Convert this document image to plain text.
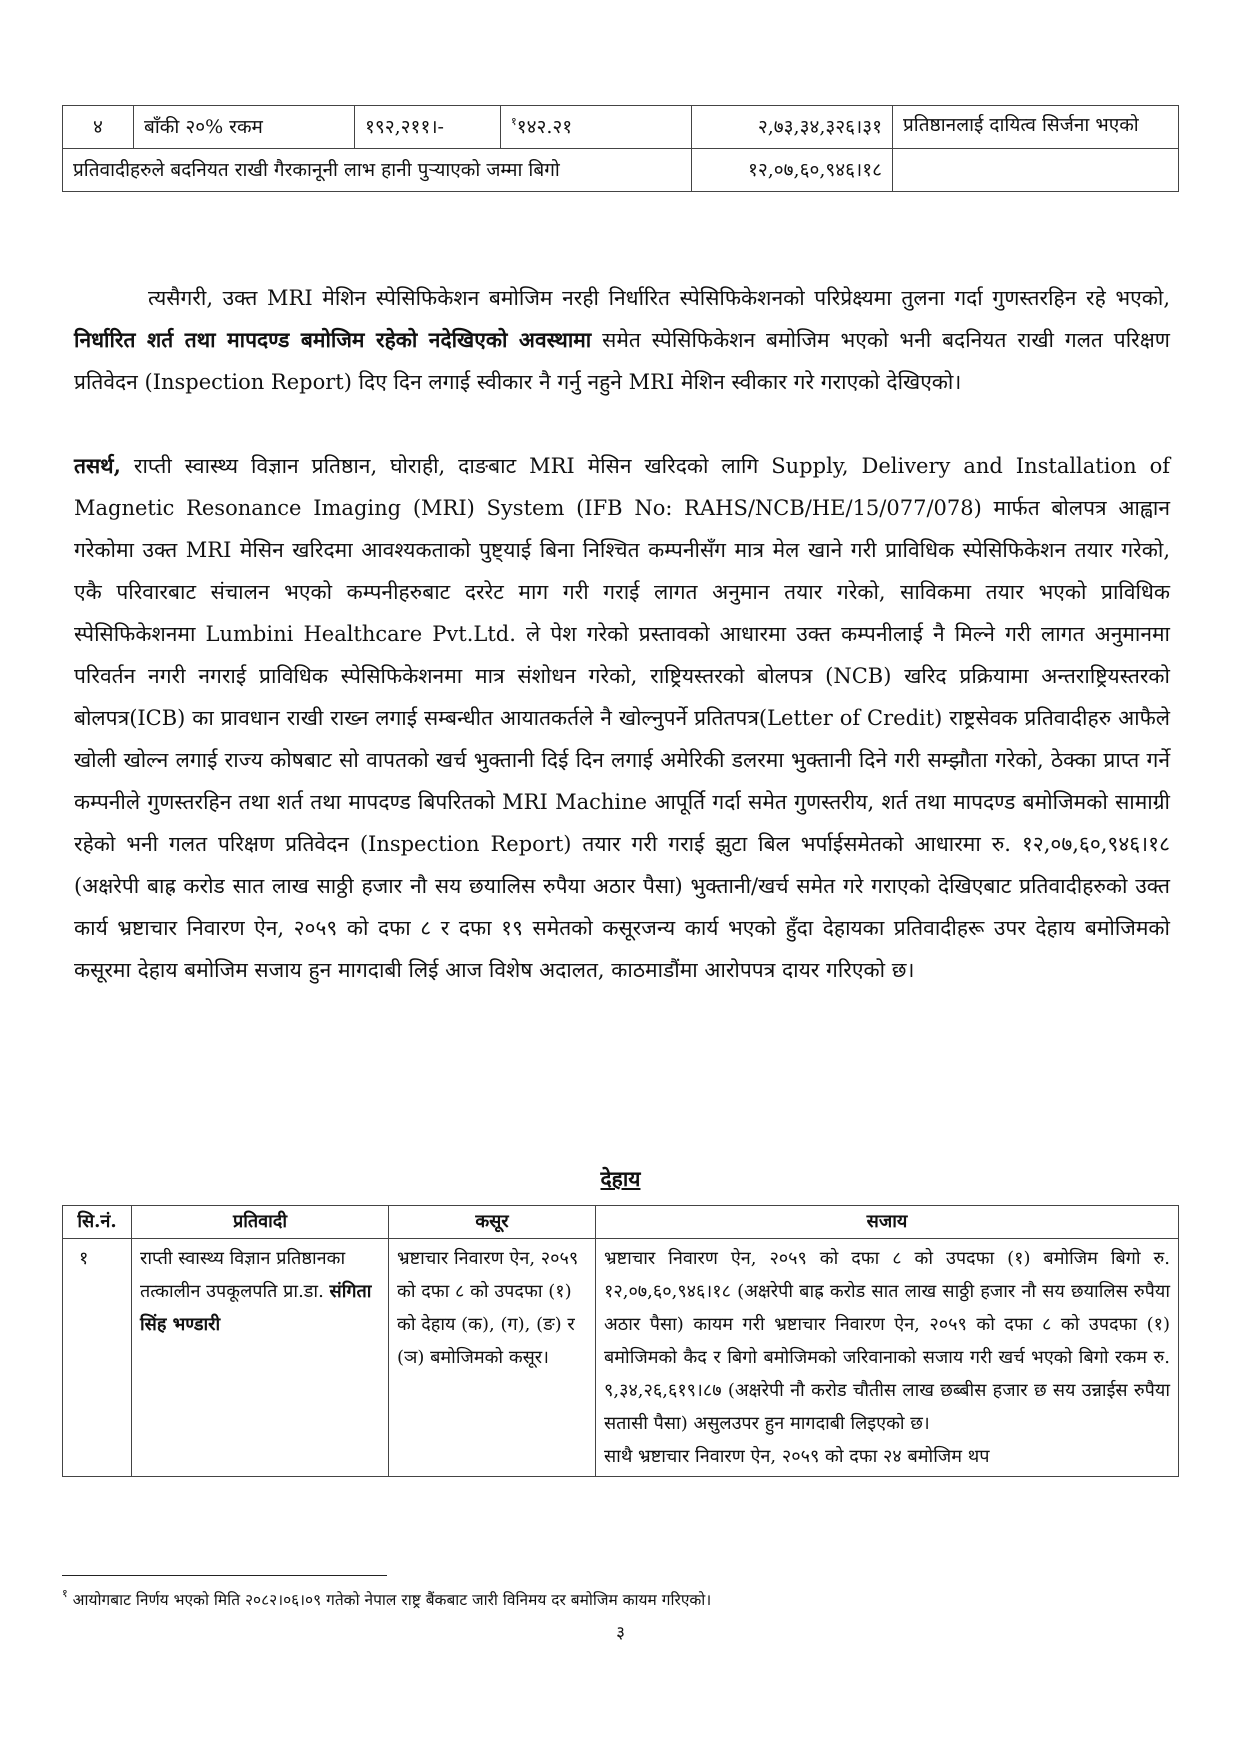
४	बाँकी २०% रकम	१९२,२११।-	$^१$१४२.२१	२,७३,३४,३२६।३१	प्रतिष्ठानलाई दायित्व सिर्जना भएको
प्रतिवादीहरुले बदनियत राखी गैरकानूनी लाभ हानी पुऱ्याएको जम्मा बिगो				१२,०७,६०,९४६।१८	

त्यसैगरी, उक्त MRI मेशिन स्पेसिफिकेशन बमोजिम नरही निर्धारित स्पेसिफिकेशनको परिप्रेक्ष्यमा तुलना गर्दा गुणस्तरहिन रहे भएको, निर्धारित शर्त तथा मापदण्ड बमोजिम रहेको नदेखिएको अवस्थामा समेत स्पेसिफिकेशन बमोजिम भएको भनी बदनियत राखी गलत परिक्षण प्रतिवेदन (Inspection Report) दिए दिन लगाई स्वीकार नै गर्नु नहुने MRI मेशिन स्वीकार गरे गराएको देखिएको।

तसर्थ, राप्ती स्वास्थ्य विज्ञान प्रतिष्ठान, घोराही, दाङबाट MRI मेसिन खरिदको लागि Supply, Delivery and Installation of Magnetic Resonance Imaging (MRI) System (IFB No: RAHS/NCB/HE/15/077/078) मार्फत बोलपत्र आह्वान गरेकोमा उक्त MRI मेसिन खरिदमा आवश्यकताको पुष्ट्याई बिना निश्चित कम्पनीसँग मात्र मेल खाने गरी प्राविधिक स्पेसिफिकेशन तयार गरेको, एकै परिवारबाट संचालन भएको कम्पनीहरुबाट दररेट माग गरी गराई लागत अनुमान तयार गरेको, साविकमा तयार भएको प्राविधिक स्पेसिफिकेशनमा Lumbini Healthcare Pvt.Ltd. ले पेश गरेको प्रस्तावको आधारमा उक्त कम्पनीलाई नै मिल्ने गरी लागत अनुमानमा परिवर्तन नगरी नगराई प्राविधिक स्पेसिफिकेशनमा मात्र संशोधन गरेको, राष्ट्रियस्तरको बोलपत्र (NCB) खरिद प्रक्रियामा अन्तराष्ट्रियस्तरको बोलपत्र(ICB) का प्रावधान राखी राख्न लगाई सम्बन्धीत आयातकर्तले नै खोल्नुपर्ने प्रतितपत्र(Letter of Credit) राष्ट्रसेवक प्रतिवादीहरु आफैले खोली खोल्न लगाई राज्य कोषबाट सो वापतको खर्च भुक्तानी दिई दिन लगाई अमेरिकी डलरमा भुक्तानी दिने गरी सम्झौता गरेको, ठेक्का प्राप्त गर्ने कम्पनीले गुणस्तरहिन तथा शर्त तथा मापदण्ड बिपरितको MRI Machine आपूर्ति गर्दा समेत गुणस्तरीय, शर्त तथा मापदण्ड बमोजिमको सामाग्री रहेको भनी गलत परिक्षण प्रतिवेदन (Inspection Report) तयार गरी गराई झुटा बिल भर्पाईसमेतको आधारमा रु. १२,०७,६०,९४६।१८ (अक्षरेपी बाह्र करोड सात लाख साठ्ठी हजार नौ सय छयालिस रुपैया अठार पैसा) भुक्तानी/खर्च समेत गरे गराएको देखिएबाट प्रतिवादीहरुको उक्त कार्य भ्रष्टाचार निवारण ऐन, २०५९ को दफा ८ र दफा १९ समेतको कसूरजन्य कार्य भएको हुँदा देहायका प्रतिवादीहरू उपर देहाय बमोजिमको कसूरमा देहाय बमोजिम सजाय हुन मागदाबी लिई आज विशेष अदालत, काठमाडौंमा आरोपपत्र दायर गरिएको छ।

देहाय
सि.नं.	प्रतिवादी	कसूर	सजाय
१	राप्ती स्वास्थ्य विज्ञान प्रतिष्ठानका तत्कालीन उपकूलपति प्रा.डा. संगिता सिंह भण्डारी	भ्रष्टाचार निवारण ऐन, २०५९ को दफा ८ को उपदफा (१) को देहाय (क), (ग), (ङ) र (ञ) बमोजिमको कसूर।	भ्रष्टाचार निवारण ऐन, २०५९ को दफा ८ को उपदफा (१) बमोजिम बिगो रु. १२,०७,६०,९४६।१८ (अक्षरेपी बाह्र करोड सात लाख साठ्ठी हजार नौ सय छयालिस रुपैया अठार पैसा) कायम गरी भ्रष्टाचार निवारण ऐन, २०५९ को दफा ८ को उपदफा (१) बमोजिमको कैद र बिगो बमोजिमको जरिवानाको सजाय गरी खर्च भएको बिगो रकम रु. ९,३४,२६,६१९।८७ (अक्षरेपी नौ करोड चौतीस लाख छब्बीस हजार छ सय उन्नाईस रुपैया सतासी पैसा) असुलउपर हुन मागदाबी लिइएको छ।
साथै भ्रष्टाचार निवारण ऐन, २०५९ को दफा २४ बमोजिम थप
$^१$ आयोगबाट निर्णय भएको मिति २०८२।०६।०९ गतेको नेपाल राष्ट्र बैंकबाट जारी विनिमय दर बमोजिम कायम गरिएको।
३
